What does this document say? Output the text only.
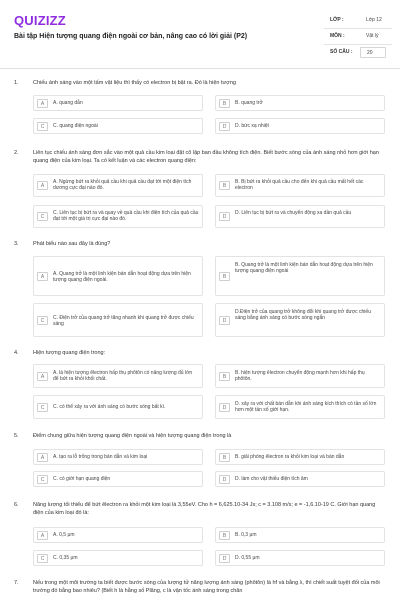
QUIZIZZ
Bài tập Hiện tượng quang điện ngoài cơ bản, nâng cao có lời giải (P2)
LỚP :	Lớp 12
MÔN :	Vật lý
SỐ CÂU :	20
1.	Chiếu ánh sáng vào một tấm vật liệu thì thấy có electron bị bật ra. Đó là hiện tượng
A	A. quang dẫn	B	B. quang trở
C	C. quang điện ngoài	D	D. bức xạ nhiệt
2.	Liên tục chiếu ánh sáng đơn sắc vào một quả cầu kim loại đặt cô lập ban đầu không tích điện. Biết bước sóng của ánh sáng nhỏ hơn giới hạn quang điện của kim loại. Ta có kết luận và các electron quang điện:
A
A. Ngừng bứt ra khỏi quả cầu khi quả cầu đạt tới một điện tích dương cực đại nào đó.	B
B. Bị bứt ra khỏi quả cầu cho đến khi quả cầu mất hết các electron
C
C. Liên tục bị bứt ra và quay về quả cầu khi điện tích của quả cầu đạt tới một giá trị cực đại nào đó.	D
D. Liên tục bị bứt ra và chuyển động xa dần quả cầu
3.	Phát biểu nào sau đây là đúng?
A	A. Quang trở là một linh kiện bán dẫn hoạt động dựa trên hiện tượng quang điện ngoài.
B
B. Quang trở là một linh kiện bán dẫn hoạt động dựa trên hiện tượng quang điện ngoài
C	C. Điện trở của quang trở tăng nhanh khi quang trở được chiếu sáng
D
D.Điện trở của quang trở không đổi khi quang trở được chiếu sáng bằng ánh sáng có bước sóng ngắn
4.	Hiện tượng quang điện trong:
A
A. là hiện tượng êlectron hấp thụ phôtôn có năng lượng đủ lớn để bứt ra khỏi khối chất.	B
B. hiện tượng êlectron chuyển động mạnh hơn khi hấp thụ phôtôn.
C	C. có thể xảy ra với ánh sáng có bước sóng bất kì.	D
D. xảy ra với chất bán dẫn khi ánh sáng kích thích có tần số lớn hơn một tần số giới hạn.
5.	Điểm chung giữa hiện tượng quang điện ngoài và hiện tượng quang điện trong là
A	A. tạo ra lỗ trống trong bán dẫn và kim loại	B	B. giải phóng êlectron ra khỏi kim loại và bán dẫn
C	C. có giới hạn quang điện	D	D. làm cho vật thiếu điện tích âm
6.	Năng lượng tối thiểu để bứt êlectron ra khỏi một kim loại là 3,55eV. Cho h = 6,625.10-34 Js; c = 3.108 m/s; e = -1,6.10-19 C. Giới hạn quang điện của kim loại đó là:
A	A. 0,5 μm	B	B. 0,3 μm
C	C. 0,35 μm	D	D. 0,55 μm
7.	Nếu trong một môi trường ta biết được bước sóng của lượng tử năng lượng ánh sáng (phôtôn) là hf và bằng λ, thì chiết suất tuyệt đối của môi trường đó bằng bao nhiêu? (Biết h là hằng số Plăng, c là vận tốc ánh sáng trong chân
